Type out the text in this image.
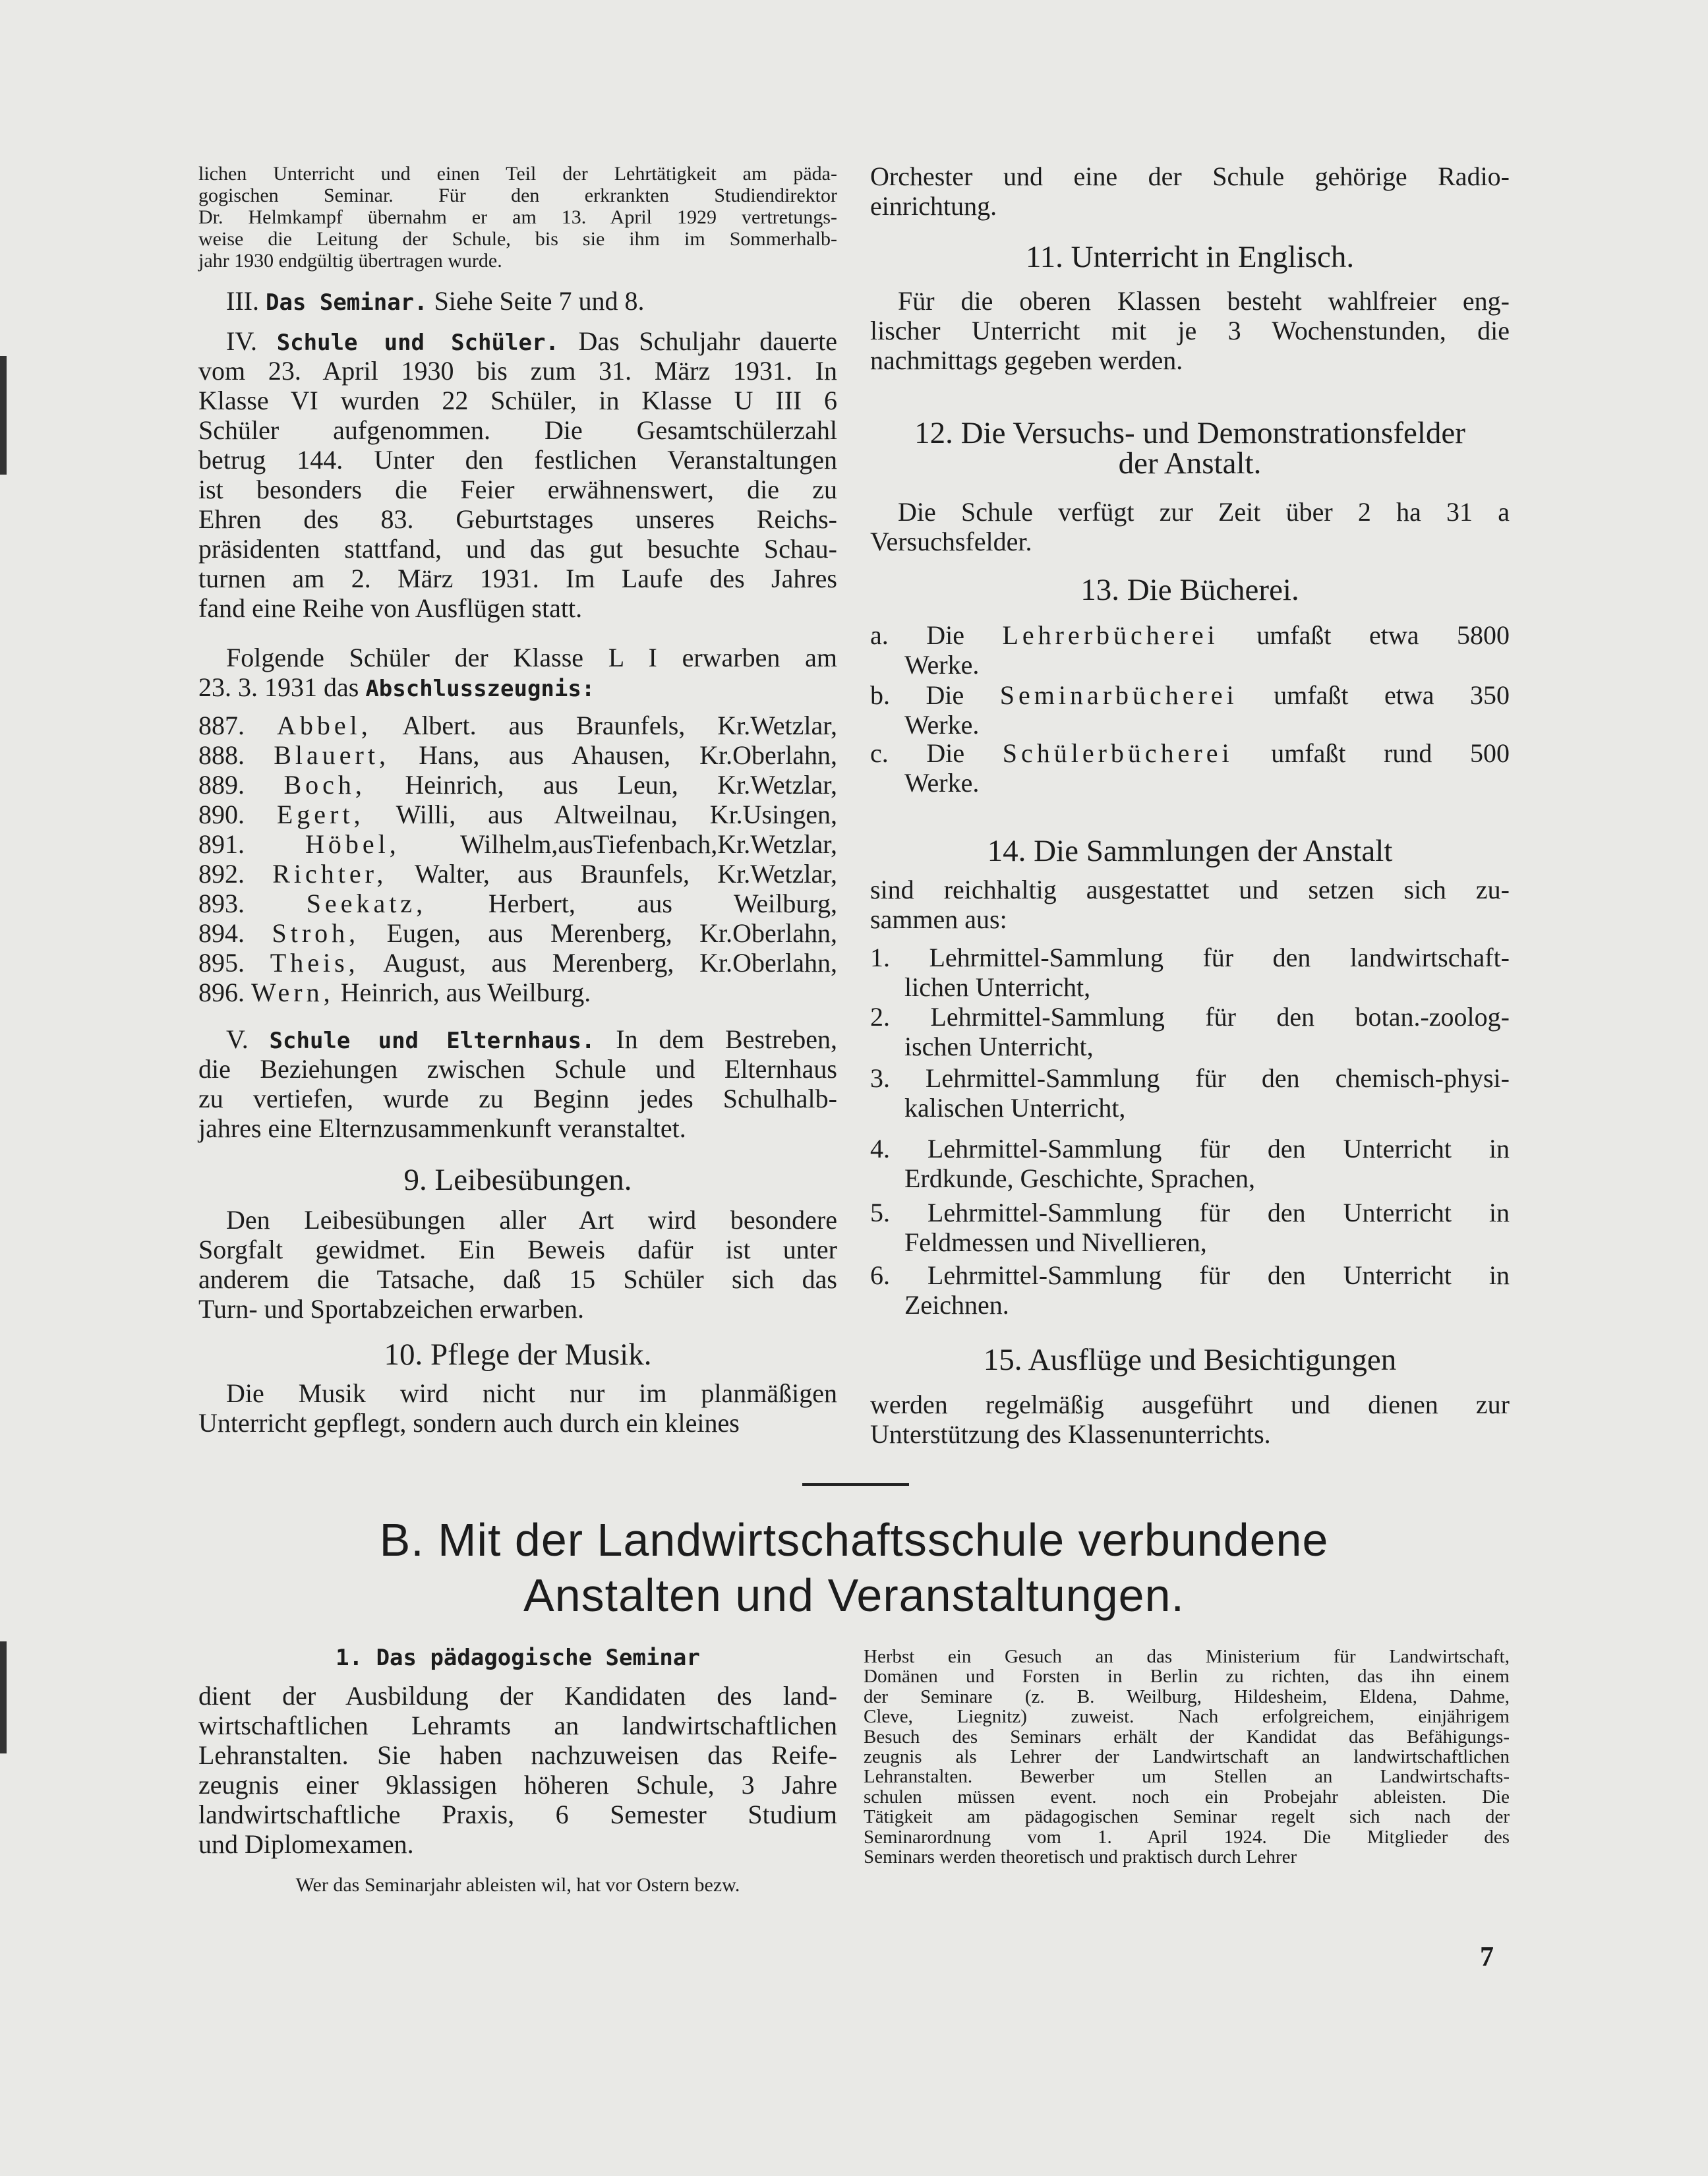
lichen Unterricht und einen Teil der Lehrtätigkeit am päda-
gogischen Seminar. Für den erkrankten Studiendirektor
Dr. Helmkampf übernahm er am 13. April 1929 vertretungs-
weise die Leitung der Schule, bis sie ihm im Sommerhalb-
jahr 1930 endgültig übertragen wurde.
III. Das Seminar. Siehe Seite 7 und 8.
IV. Schule und Schüler. Das Schuljahr dauerte
vom 23. April 1930 bis zum 31. März 1931. In
Klasse VI wurden 22 Schüler, in Klasse U III 6
Schüler aufgenommen. Die Gesamtschülerzahl
betrug 144. Unter den festlichen Veranstaltungen
ist besonders die Feier erwähnenswert, die zu
Ehren des 83. Geburtstages unseres Reichs-
präsidenten stattfand, und das gut besuchte Schau-
turnen am 2. März 1931. Im Laufe des Jahres
fand eine Reihe von Ausflügen statt.
Folgende Schüler der Klasse L I erwarben am
23. 3. 1931 das Abschlusszeugnis:
887. Abbel, Albert. aus Braunfels, Kr.Wetzlar,
888. Blauert, Hans, aus Ahausen, Kr.Oberlahn,
889. Boch, Heinrich, aus Leun, Kr.Wetzlar,
890. Egert, Willi, aus Altweilnau, Kr.Usingen,
891. Höbel, Wilhelm,ausTiefenbach,Kr.Wetzlar,
892. Richter, Walter, aus Braunfels, Kr.Wetzlar,
893. Seekatz, Herbert, aus Weilburg,
894. Stroh, Eugen, aus Merenberg, Kr.Oberlahn,
895. Theis, August, aus Merenberg, Kr.Oberlahn,
896. Wern, Heinrich, aus Weilburg.
V. Schule und Elternhaus. In dem Bestreben,
die Beziehungen zwischen Schule und Elternhaus
zu vertiefen, wurde zu Beginn jedes Schulhalb-
jahres eine Elternzusammenkunft veranstaltet.
9. Leibesübungen.
Den Leibesübungen aller Art wird besondere
Sorgfalt gewidmet. Ein Beweis dafür ist unter
anderem die Tatsache, daß 15 Schüler sich das
Turn- und Sportabzeichen erwarben.
10. Pflege der Musik.
Die Musik wird nicht nur im planmäßigen
Unterricht gepflegt, sondern auch durch ein kleines
Orchester und eine der Schule gehörige Radio-
einrichtung.
11. Unterricht in Englisch.
Für die oberen Klassen besteht wahlfreier eng-
lischer Unterricht mit je 3 Wochenstunden, die
nachmittags gegeben werden.
12. Die Versuchs- und Demonstrationsfelder
der Anstalt.
Die Schule verfügt zur Zeit über 2 ha 31 a
Versuchsfelder.
13. Die Bücherei.
a. Die Lehrerbücherei umfaßt etwa 5800
Werke.
b. Die Seminarbücherei umfaßt etwa 350
Werke.
c. Die Schülerbücherei umfaßt rund 500
Werke.
14. Die Sammlungen der Anstalt
sind reichhaltig ausgestattet und setzen sich zu-
sammen aus:
1. Lehrmittel-Sammlung für den landwirtschaft-
lichen Unterricht,
2. Lehrmittel-Sammlung für den botan.-zoolog-
ischen Unterricht,
3. Lehrmittel-Sammlung für den chemisch-physi-
kalischen Unterricht,
4. Lehrmittel-Sammlung für den Unterricht in
Erdkunde, Geschichte, Sprachen,
5. Lehrmittel-Sammlung für den Unterricht in
Feldmessen und Nivellieren,
6. Lehrmittel-Sammlung für den Unterricht in
Zeichnen.
15. Ausflüge und Besichtigungen
werden regelmäßig ausgeführt und dienen zur
Unterstützung des Klassenunterrichts.
B. Mit der Landwirtschaftsschule verbundene
Anstalten und Veranstaltungen.
1. Das pädagogische Seminar
dient der Ausbildung der Kandidaten des land-
wirtschaftlichen Lehramts an landwirtschaftlichen
Lehranstalten. Sie haben nachzuweisen das Reife-
zeugnis einer 9klassigen höheren Schule, 3 Jahre
landwirtschaftliche Praxis, 6 Semester Studium
und Diplomexamen.
Wer das Seminarjahr ableisten wil, hat vor Ostern bezw.
Herbst ein Gesuch an das Ministerium für Landwirtschaft,
Domänen und Forsten in Berlin zu richten, das ihn einem
der Seminare (z. B. Weilburg, Hildesheim, Eldena, Dahme,
Cleve, Liegnitz) zuweist. Nach erfolgreichem, einjährigem
Besuch des Seminars erhält der Kandidat das Befähigungs-
zeugnis als Lehrer der Landwirtschaft an landwirtschaftlichen
Lehranstalten. Bewerber um Stellen an Landwirtschafts-
schulen müssen event. noch ein Probejahr ableisten. Die
Tätigkeit am pädagogischen Seminar regelt sich nach der
Seminarordnung vom 1. April 1924. Die Mitglieder des
Seminars werden theoretisch und praktisch durch Lehrer
7
